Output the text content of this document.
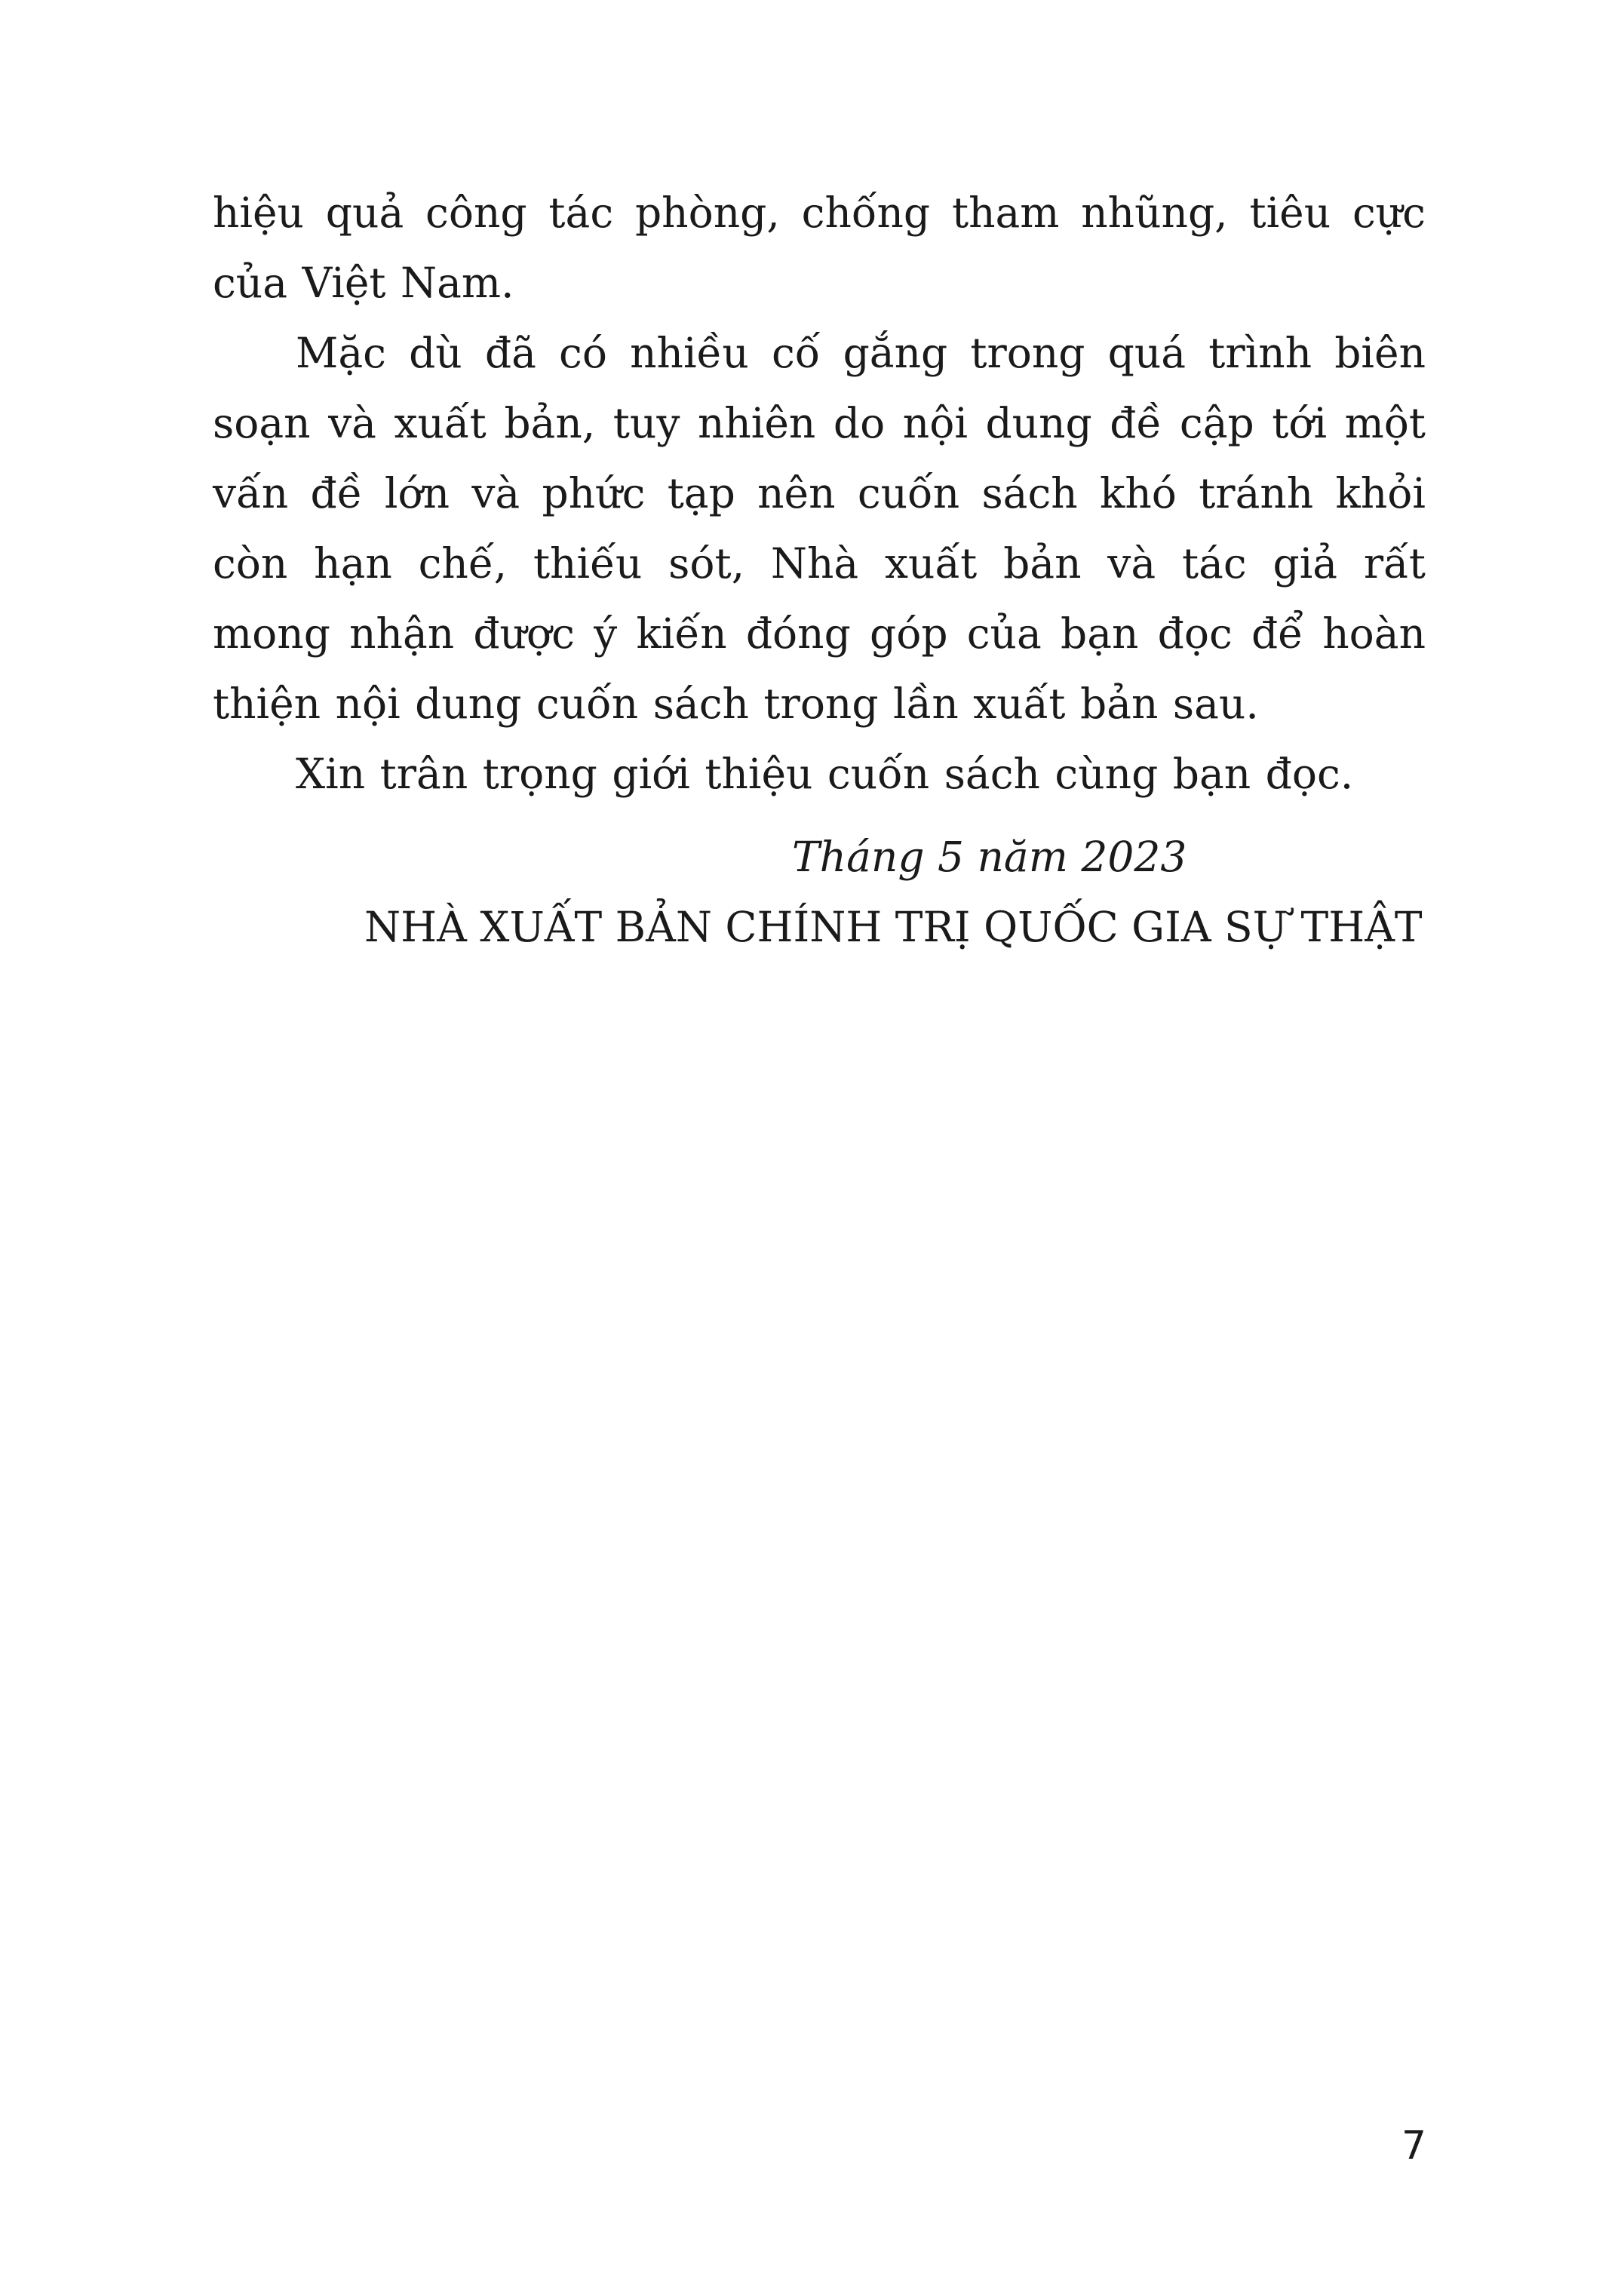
hiệu quả công tác phòng, chống tham nhũng, tiêu cực của Việt Nam.

Mặc dù đã có nhiều cố gắng trong quá trình biên soạn và xuất bản, tuy nhiên do nội dung đề cập tới một vấn đề lớn và phức tạp nên cuốn sách khó tránh khỏi còn hạn chế, thiếu sót, Nhà xuất bản và tác giả rất mong nhận được ý kiến đóng góp của bạn đọc để hoàn thiện nội dung cuốn sách trong lần xuất bản sau.

Xin trân trọng giới thiệu cuốn sách cùng bạn đọc.

Tháng 5 năm 2023
NHÀ XUẤT BẢN CHÍNH TRỊ QUỐC GIA SỰ THẬT
7
